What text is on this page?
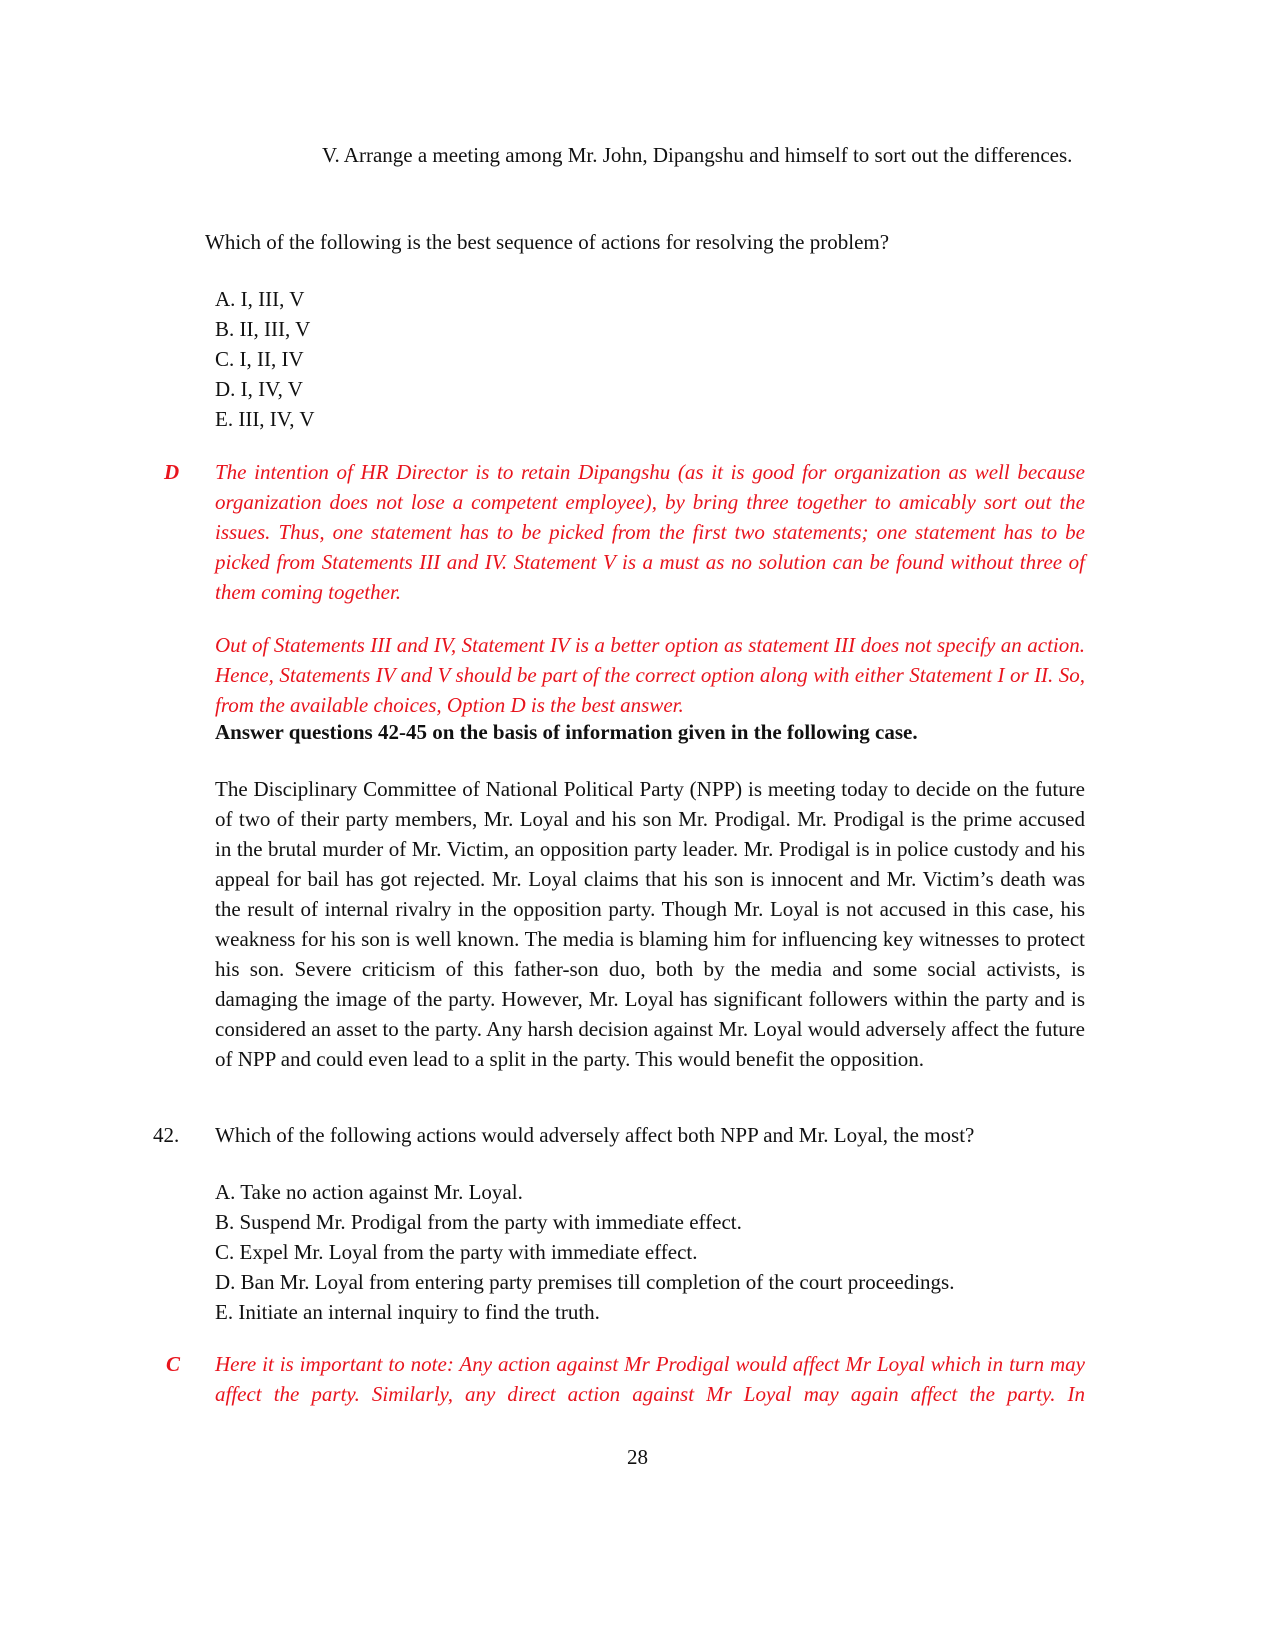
V. Arrange a meeting among Mr. John, Dipangshu and himself to sort out the differences.
Which of the following is the best sequence of actions for resolving the problem?
A. I, III, V
B. II, III, V
C. I, II, IV
D. I, IV, V
E. III, IV, V
D The intention of HR Director is to retain Dipangshu (as it is good for organization as well because organization does not lose a competent employee), by bring three together to amicably sort out the issues. Thus, one statement has to be picked from the first two statements; one statement has to be picked from Statements III and IV. Statement V is a must as no solution can be found without three of them coming together.
Out of Statements III and IV, Statement IV is a better option as statement III does not specify an action. Hence, Statements IV and V should be part of the correct option along with either Statement I or II. So, from the available choices, Option D is the best answer.
Answer questions 42-45 on the basis of information given in the following case.
The Disciplinary Committee of National Political Party (NPP) is meeting today to decide on the future of two of their party members, Mr. Loyal and his son Mr. Prodigal. Mr. Prodigal is the prime accused in the brutal murder of Mr. Victim, an opposition party leader. Mr. Prodigal is in police custody and his appeal for bail has got rejected. Mr. Loyal claims that his son is innocent and Mr. Victim’s death was the result of internal rivalry in the opposition party. Though Mr. Loyal is not accused in this case, his weakness for his son is well known. The media is blaming him for influencing key witnesses to protect his son. Severe criticism of this father-son duo, both by the media and some social activists, is damaging the image of the party. However, Mr. Loyal has significant followers within the party and is considered an asset to the party. Any harsh decision against Mr. Loyal would adversely affect the future of NPP and could even lead to a split in the party. This would benefit the opposition.
42. Which of the following actions would adversely affect both NPP and Mr. Loyal, the most?
A. Take no action against Mr. Loyal.
B. Suspend Mr. Prodigal from the party with immediate effect.
C. Expel Mr. Loyal from the party with immediate effect.
D. Ban Mr. Loyal from entering party premises till completion of the court proceedings.
E. Initiate an internal inquiry to find the truth.
C Here it is important to note: Any action against Mr Prodigal would affect Mr Loyal which in turn may affect the party. Similarly, any direct action against Mr Loyal may again affect the party. In
28
